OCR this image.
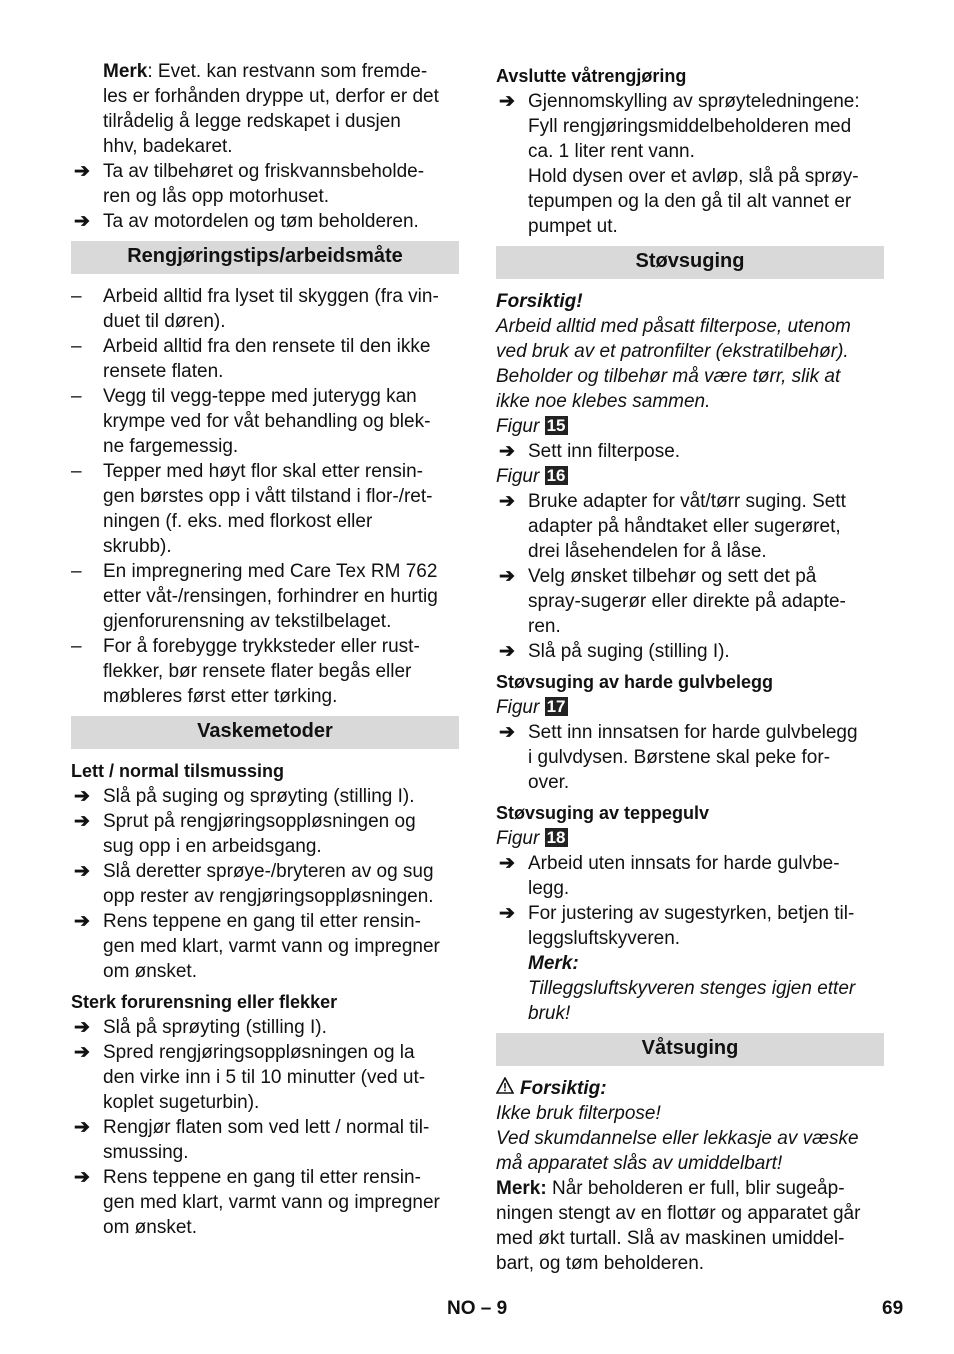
Merk: Evet. kan restvann som fremde-
les er forhånden dryppe ut, derfor er det
tilrådelig å legge redskapet i dusjen
hhv, badekaret.
➔ Ta av tilbehøret og friskvannsbeholde-
ren og lås opp motorhuset.
➔ Ta av motordelen og tøm beholderen.
Rengjøringstips/arbeidsmåte
– Arbeid alltid fra lyset til skyggen (fra vin-
duet til døren).
– Arbeid alltid fra den rensete til den ikke
rensete flaten.
– Vegg til vegg-teppe med juterygg kan
krympe ved for våt behandling og blek-
ne fargemessig.
– Tepper med høyt flor skal etter rensin-
gen børstes opp i vått tilstand i flor-/ret-
ningen (f. eks. med florkost eller
skrubb).
– En impregnering med Care Tex RM 762
etter våt-/rensingen, forhindrer en hurtig
gjenforurensning av tekstilbelaget.
– For å forebygge trykksteder eller rust-
flekker, bør rensete flater begås eller
møbleres først etter tørking.
Vaskemetoder
Lett / normal tilsmussing
➔ Slå på suging og sprøyting (stilling I).
➔ Sprut på rengjøringsoppløsningen og
sug opp i en arbeidsgang.
➔ Slå deretter sprøye-/bryteren av og sug
opp rester av rengjøringsoppløsningen.
➔ Rens teppene en gang til etter rensin-
gen med klart, varmt vann og impregner
om ønsket.
Sterk forurensning eller flekker
➔ Slå på sprøyting (stilling I).
➔ Spred rengjøringsoppløsningen og la
den virke inn i 5 til 10 minutter (ved ut-
koplet sugeturbin).
➔ Rengjør flaten som ved lett / normal til-
smussing.
➔ Rens teppene en gang til etter rensin-
gen med klart, varmt vann og impregner
om ønsket.
Avslutte våtrengjøring
➔ Gjennomskylling av sprøyteledningene:
Fyll rengjøringsmiddelbeholderen med
ca. 1 liter rent vann.
Hold dysen over et avløp, slå på sprøy-
tepumpen og la den gå til alt vannet er
pumpet ut.
Støvsuging
Forsiktig!
Arbeid alltid med påsatt filterpose, utenom
ved bruk av et patronfilter (ekstratilbehør).
Beholder og tilbehør må være tørr, slik at
ikke noe klebes sammen.
Figur 15
➔ Sett inn filterpose.
Figur 16
➔ Bruke adapter for våt/tørr suging. Sett
adapter på håndtaket eller sugerøret,
drei låsehendelen for å låse.
➔ Velg ønsket tilbehør og sett det på
spray-sugerør eller direkte på adapte-
ren.
➔ Slå på suging (stilling I).
Støvsuging av harde gulvbelegg
Figur 17
➔ Sett inn innsatsen for harde gulvbelegg
i gulvdysen. Børstene skal peke for-
over.
Støvsuging av teppegulv
Figur 18
➔ Arbeid uten innsats for harde gulvbe-
legg.
➔ For justering av sugestyrken, betjen til-
leggsluftskyveren.
Merk:
Tilleggsluftskyveren stenges igjen etter
bruk!
Våtsuging
Forsiktig:
Ikke bruk filterpose!
Ved skumdannelse eller lekkasje av væske
må apparatet slås av umiddelbart!
Merk: Når beholderen er full, blir sugeåp-
ningen stengt av en flottør og apparatet går
med økt turtall. Slå av maskinen umiddel-
bart, og tøm beholderen.
NO – 9	69
